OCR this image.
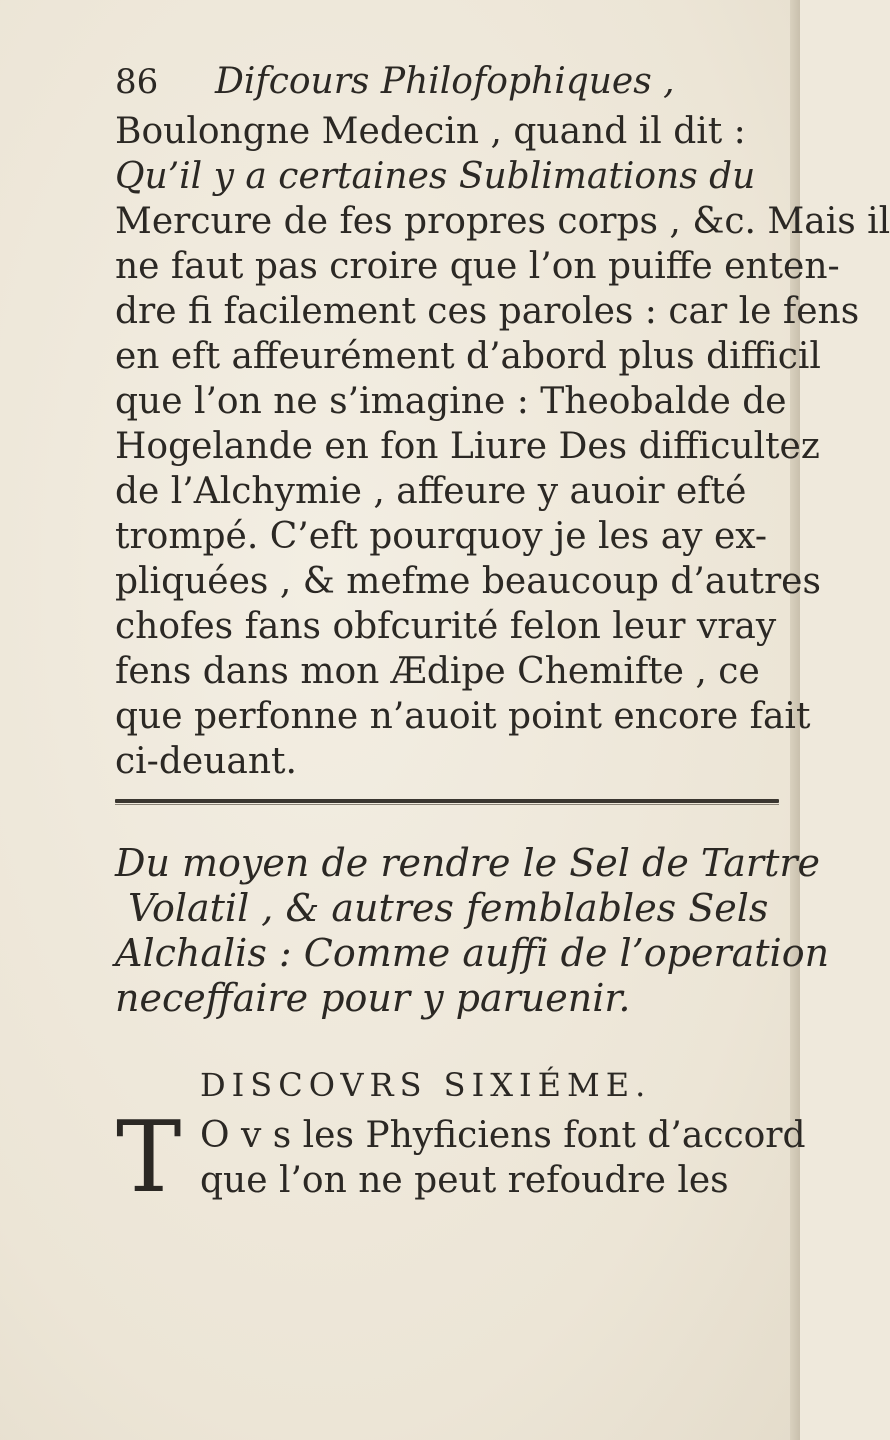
86 Difcours Philofophiques ,
Boulongne Medecin , quand il dit :
Qu’il y a certaines Sublimations du
Mercure de fes propres corps , &c. Mais il
ne faut pas croire que l’on puiffe enten-
dre fi facilement ces paroles : car le fens
en eft affeurément d’abord plus difficil
que l’on ne s’imagine : Theobalde de
Hogelande en fon Liure Des difficultez
de l’Alchymie , affeure y auoir efté
trompé. C’eft pourquoy je les ay ex-
pliquées , & mefme beaucoup d’autres
chofes fans obfcurité felon leur vray
fens dans mon Ædipe Chemifte , ce
que perfonne n’auoit point encore fait
ci-deuant.
Du moyen de rendre le Sel de Tartre
Volatil , & autres femblables Sels
Alchalis : Comme auffi de l’operation
neceffaire pour y paruenir.
DISCOVRS SIXIÉME.
T O v s les Phyficiens font d’accord
que l’on ne peut refoudre les
